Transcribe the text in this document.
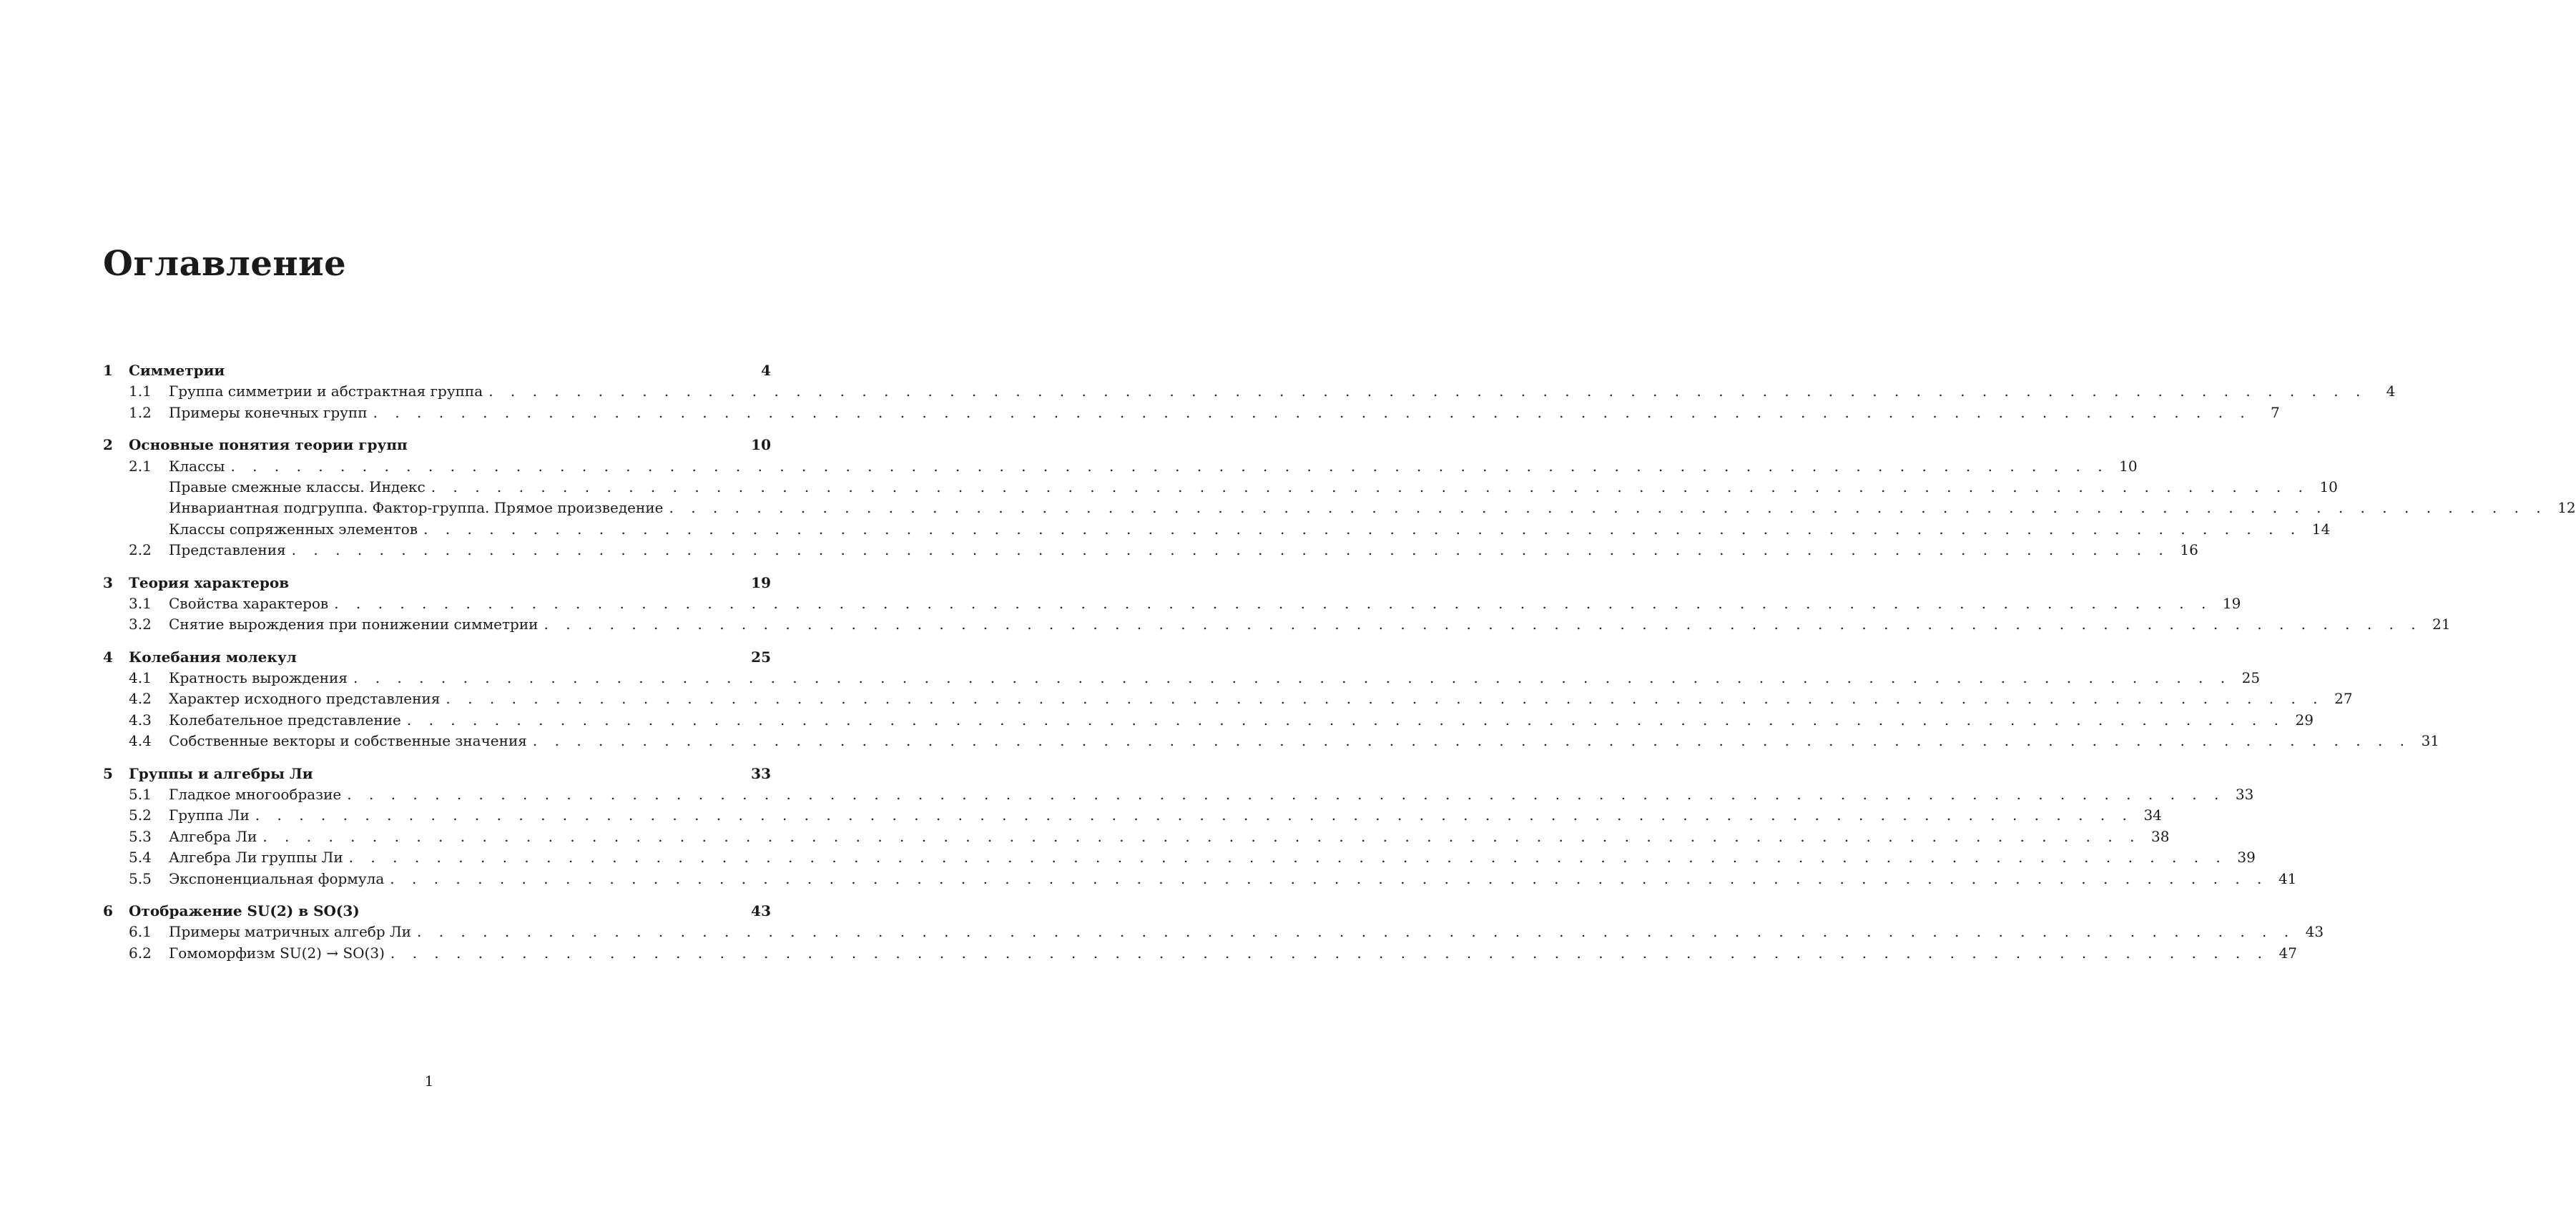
Оглавление
1	Симметрии	4
1.1	Группа симметрии и абстрактная группа . . .	4
1.2	Примеры конечных групп . . .	7
2	Основные понятия теории групп	10
2.1	Классы . . .	10
Правые смежные классы. Индекс . . .	10
Инвариантная подгруппа. Фактор-группа. Прямое произведение . . .	12
Классы сопряженных элементов . . .	14
2.2	Представления . . .	16
3	Теория характеров	19
3.1	Свойства характеров . . .	19
3.2	Снятие вырождения при понижении симметрии . . .	21
4	Колебания молекул	25
4.1	Кратность вырождения . . .	25
4.2	Характер исходного представления . . .	27
4.3	Колебательное представление . . .	29
4.4	Собственные векторы и собственные значения . . .	31
5	Группы и алгебры Ли	33
5.1	Гладкое многообразие . . .	33
5.2	Группа Ли . . .	34
5.3	Алгебра Ли . . .	38
5.4	Алгебра Ли группы Ли . . .	39
5.5	Экспоненциальная формула . . .	41
6	Отображение SU(2) в SO(3)	43
6.1	Примеры матричных алгебр Ли . . .	43
6.2	Гомоморфизм SU(2) → SO(3) . . .	47

1
